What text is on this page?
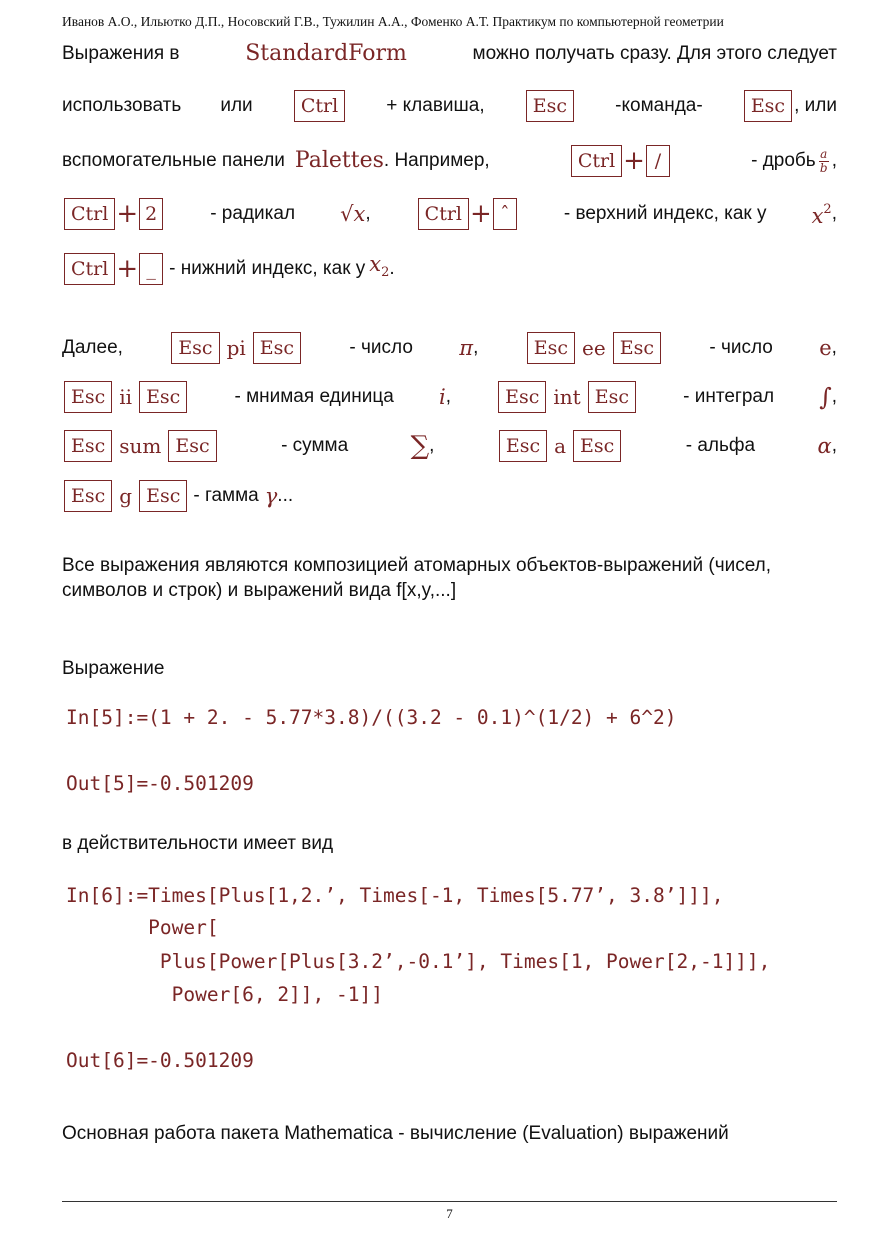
Иванов А.О., Ильютко Д.П., Носовский Г.В., Тужилин А.А., Фоменко А.Т. Практикум по компьютерной геометрии
Выражения в	StandardForm	можно получать сразу. Для этого следует
использовать или	Ctrl	+ клавиша,	Esc	-команда-	Esc , или
вспомогательные панели Palettes . Например,	Ctrl + /	- дробь $\frac{a}{b}$ ,
Ctrl + 2	- радикал √x ,	Ctrl + ˆ	- верхний индекс, как у $x^2$ ,
Ctrl + _ - нижний индекс, как у $x_2$ .
Далее,	Esc pi Esc	- число π ,	Esc ee Esc	- число e ,
Esc ii Esc	- мнимая единица i ,	Esc int Esc	- интеграл ∫ ,
Esc sum Esc	- сумма ∑ ,	Esc a Esc	- альфа	α ,
Esc g Esc - гамма γ ...
Все выражения являются композицией атомарных объектов-выражений (чисел, символов и строк) и выражений вида f[x,y,...]
Выражение
In[5]:=(1 + 2. - 5.77*3.8)/((3.2 - 0.1)^(1/2) + 6^2)
Out[5]=-0.501209
в действительности имеет вид
In[6]:=Times[Plus[1,2.’, Times[-1, Times[5.77’, 3.8’]]],
Power[
Plus[Power[Plus[3.2’,-0.1’], Times[1, Power[2,-1]]],
Power[6, 2]], -1]]
Out[6]=-0.501209
Основная работа пакета Mathematica - вычисление (Evaluation) выражений
7
